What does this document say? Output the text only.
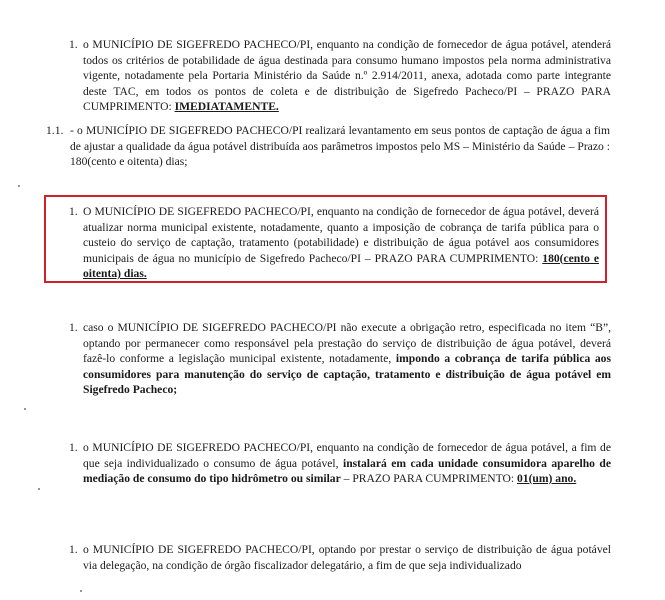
1. o MUNICÍPIO DE SIGEFREDO PACHECO/PI, enquanto na condição de fornecedor de água potável, atenderá todos os critérios de potabilidade de água destinada para consumo humano impostos pela norma administrativa vigente, notadamente pela Portaria Ministério da Saúde n.º 2.914/2011, anexa, adotada como parte integrante deste TAC, em todos os pontos de coleta e de distribuição de Sigefredo Pacheco/PI – PRAZO PARA CUMPRIMENTO: IMEDIATAMENTE.
1.1. - o MUNICÍPIO DE SIGEFREDO PACHECO/PI realizará levantamento em seus pontos de captação de água a fim de ajustar a qualidade da água potável distribuída aos parâmetros impostos pelo MS – Ministério da Saúde – Prazo : 180(cento e oitenta) dias;
1. O MUNICÍPIO DE SIGEFREDO PACHECO/PI, enquanto na condição de fornecedor de água potável, deverá atualizar norma municipal existente, notadamente, quanto a imposição de cobrança de tarifa pública para o custeio do serviço de captação, tratamento (potabilidade) e distribuição de água potável aos consumidores municipais de água no município de Sigefredo Pacheco/PI – PRAZO PARA CUMPRIMENTO: 180(cento e oitenta) dias.
1. caso o MUNICÍPIO DE SIGEFREDO PACHECO/PI não execute a obrigação retro, especificada no item “B”, optando por permanecer como responsável pela prestação do serviço de distribuição de água potável, deverá fazê-lo conforme a legislação municipal existente, notadamente, impondo a cobrança de tarifa pública aos consumidores para manutenção do serviço de captação, tratamento e distribuição de água potável em Sigefredo Pacheco;
1. o MUNICÍPIO DE SIGEFREDO PACHECO/PI, enquanto na condição de fornecedor de água potável, a fim de que seja individualizado o consumo de água potável, instalará em cada unidade consumidora aparelho de mediação de consumo do tipo hidrômetro ou similar – PRAZO PARA CUMPRIMENTO: 01(um) ano.
1. o MUNICÍPIO DE SIGEFREDO PACHECO/PI, optando por prestar o serviço de distribuição de água potável via delegação, na condição de órgão fiscalizador delegatário, a fim de que seja individualizado
